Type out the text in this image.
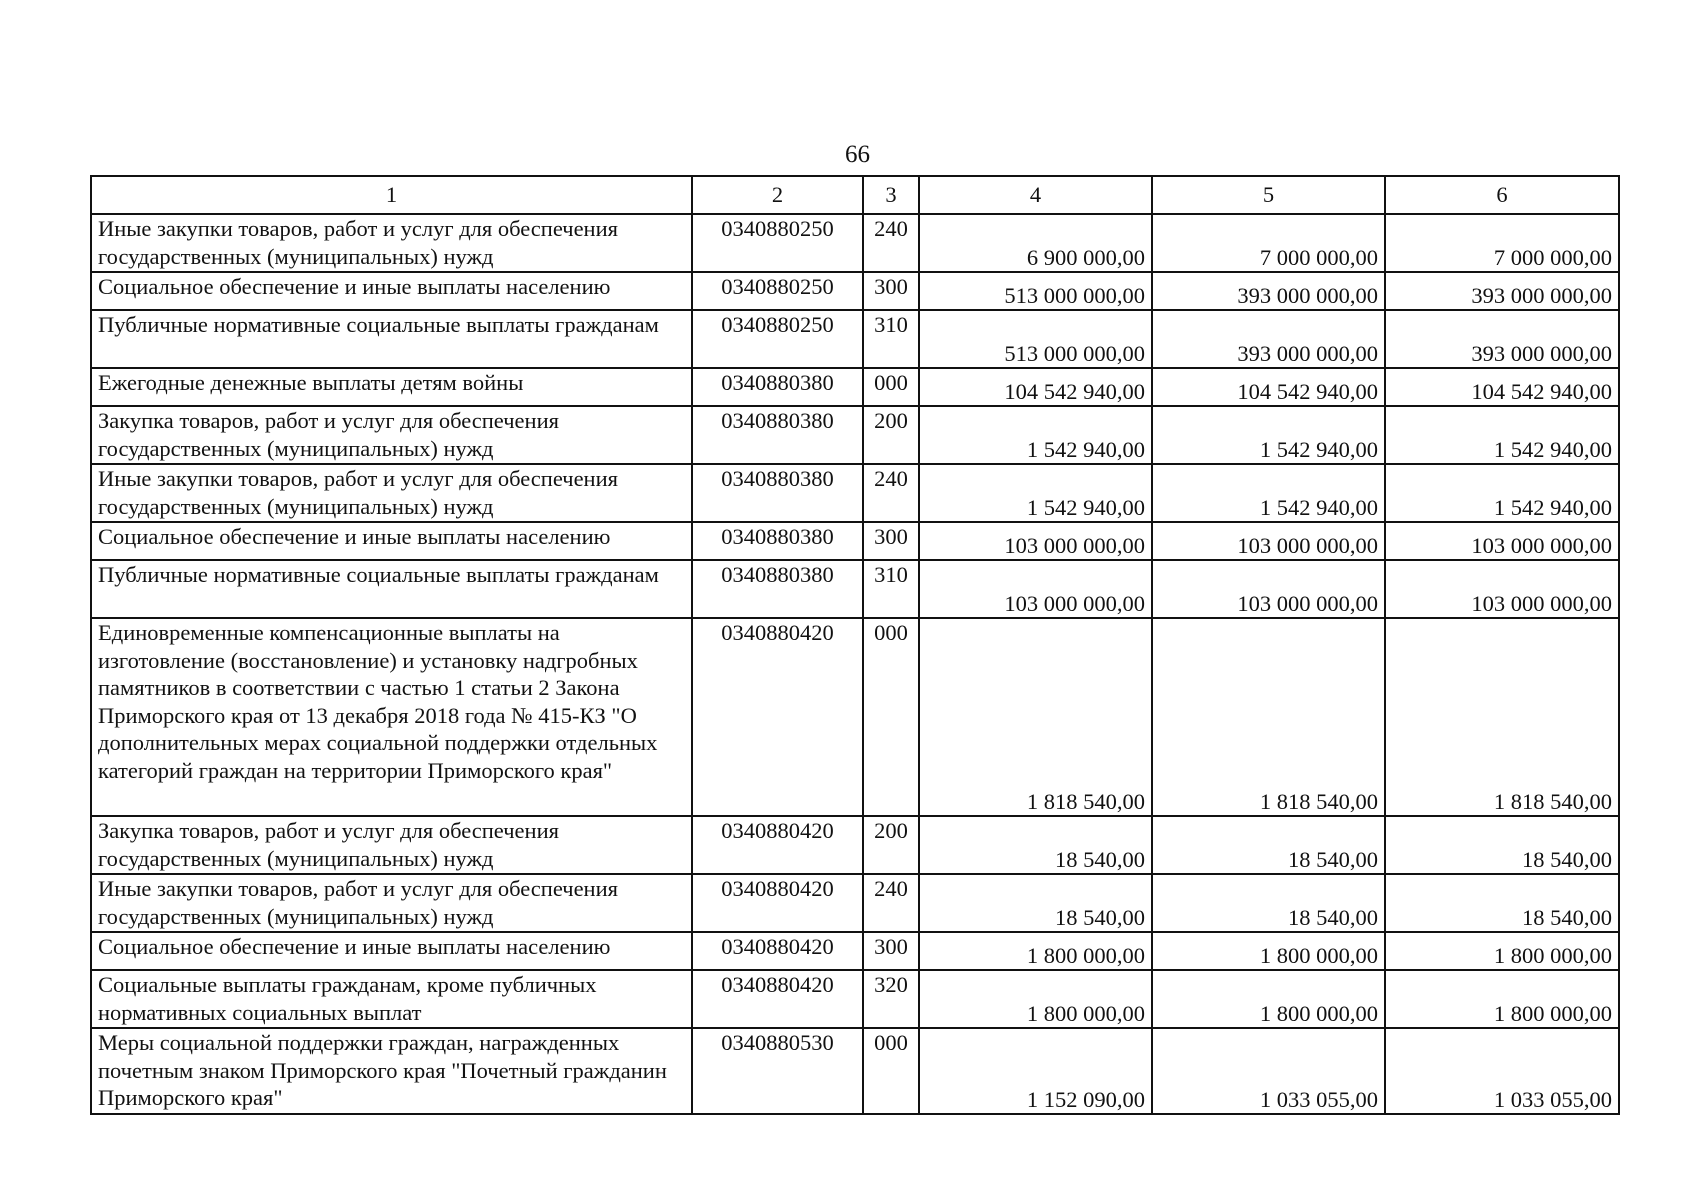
66
1	2	3	4	5	6
Иные закупки товаров, работ и услуг для обеспечения государственных (муниципальных) нужд	0340880250	240	6 900 000,00	7 000 000,00	7 000 000,00
Социальное обеспечение и иные выплаты населению	0340880250	300	513 000 000,00	393 000 000,00	393 000 000,00
Публичные нормативные социальные выплаты гражданам	0340880250	310	513 000 000,00	393 000 000,00	393 000 000,00
Ежегодные денежные выплаты детям войны	0340880380	000	104 542 940,00	104 542 940,00	104 542 940,00
Закупка товаров, работ и услуг для обеспечения государственных (муниципальных) нужд	0340880380	200	1 542 940,00	1 542 940,00	1 542 940,00
Иные закупки товаров, работ и услуг для обеспечения государственных (муниципальных) нужд	0340880380	240	1 542 940,00	1 542 940,00	1 542 940,00
Социальное обеспечение и иные выплаты населению	0340880380	300	103 000 000,00	103 000 000,00	103 000 000,00
Публичные нормативные социальные выплаты гражданам	0340880380	310	103 000 000,00	103 000 000,00	103 000 000,00
Единовременные компенсационные выплаты на изготовление (восстановление) и установку надгробных памятников в соответствии с частью 1 статьи 2 Закона Приморского края от 13 декабря 2018 года № 415-КЗ "О дополнительных мерах социальной поддержки отдельных категорий граждан на территории Приморского края"	0340880420	000	1 818 540,00	1 818 540,00	1 818 540,00
Закупка товаров, работ и услуг для обеспечения государственных (муниципальных) нужд	0340880420	200	18 540,00	18 540,00	18 540,00
Иные закупки товаров, работ и услуг для обеспечения государственных (муниципальных) нужд	0340880420	240	18 540,00	18 540,00	18 540,00
Социальное обеспечение и иные выплаты населению	0340880420	300	1 800 000,00	1 800 000,00	1 800 000,00
Социальные выплаты гражданам, кроме публичных нормативных социальных выплат	0340880420	320	1 800 000,00	1 800 000,00	1 800 000,00
Меры социальной поддержки граждан, награжденных почетным знаком Приморского края "Почетный гражданин Приморского края"	0340880530	000	1 152 090,00	1 033 055,00	1 033 055,00
